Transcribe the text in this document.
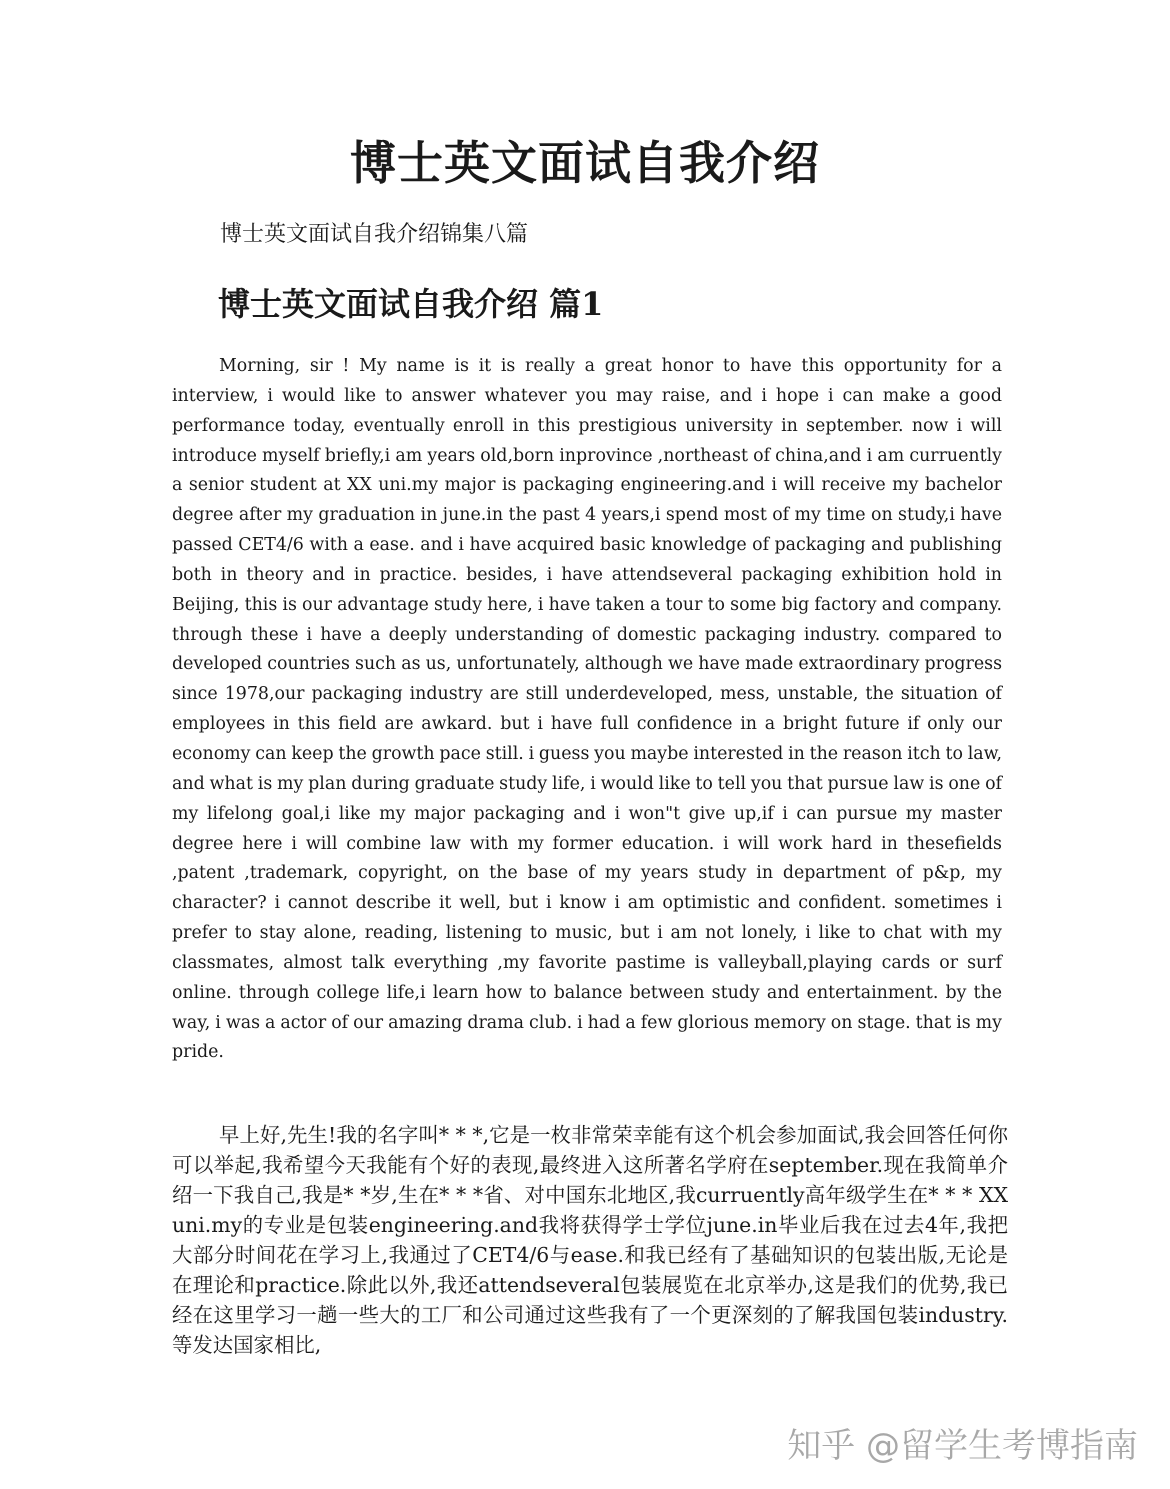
博士英文面试自我介绍

博士英文面试自我介绍锦集八篇

博士英文面试自我介绍 篇1

Morning, sir ! My name is it is really a great honor to have this opportunity for a interview, i would like to answer whatever you may raise, and i hope i can make a good performance today, eventually enroll in this prestigious university in september. now i will introduce myself briefly,i am years old,born inprovince ,northeast of china,and i am curruently a senior student at XX uni.my major is packaging engineering.and i will receive my bachelor degree after my graduation in june.in the past 4 years,i spend most of my time on study,i have passed CET4/6 with a ease. and i have acquired basic knowledge of packaging and publishing both in theory and in practice. besides, i have attendseveral packaging exhibition hold in Beijing, this is our advantage study here, i have taken a tour to some big factory and company. through these i have a deeply understanding of domestic packaging industry. compared to developed countries such as us, unfortunately, although we have made extraordinary progress since 1978,our packaging industry are still underdeveloped, mess, unstable, the situation of employees in this field are awkard. but i have full confidence in a bright future if only our economy can keep the growth pace still. i guess you maybe interested in the reason itch to law, and what is my plan during graduate study life, i would like to tell you that pursue law is one of my lifelong goal,i like my major packaging and i won"t give up,if i can pursue my master degree here i will combine law with my former education. i will work hard in thesefields ,patent ,trademark, copyright, on the base of my years study in department of p&p, my character? i cannot describe it well, but i know i am optimistic and confident. sometimes i prefer to stay alone, reading, listening to music, but i am not lonely, i like to chat with my classmates, almost talk everything ,my favorite pastime is valleyball,playing cards or surf online. through college life,i learn how to balance between study and entertainment. by the way, i was a actor of our amazing drama club. i had a few glorious memory on stage. that is my pride.

早上好,先生!我的名字叫* * *,它是一枚非常荣幸能有这个机会参加面试,我会回答任何你可以举起,我希望今天我能有个好的表现,最终进入这所著名学府在september.现在我简单介绍一下我自己,我是* *岁,生在* * *省、对中国东北地区,我curruently高年级学生在* * * XX uni.my的专业是包装engineering.and我将获得学士学位june.in毕业后我在过去4年,我把大部分时间花在学习上,我通过了CET4/6与ease.和我已经有了基础知识的包装出版,无论是在理论和practice.除此以外,我还attendseveral包装展览在北京举办,这是我们的优势,我已经在这里学习一趟一些大的工厂和公司通过这些我有了一个更深刻的了解我国包装industry.等发达国家相比,

知乎 @留学生考博指南
